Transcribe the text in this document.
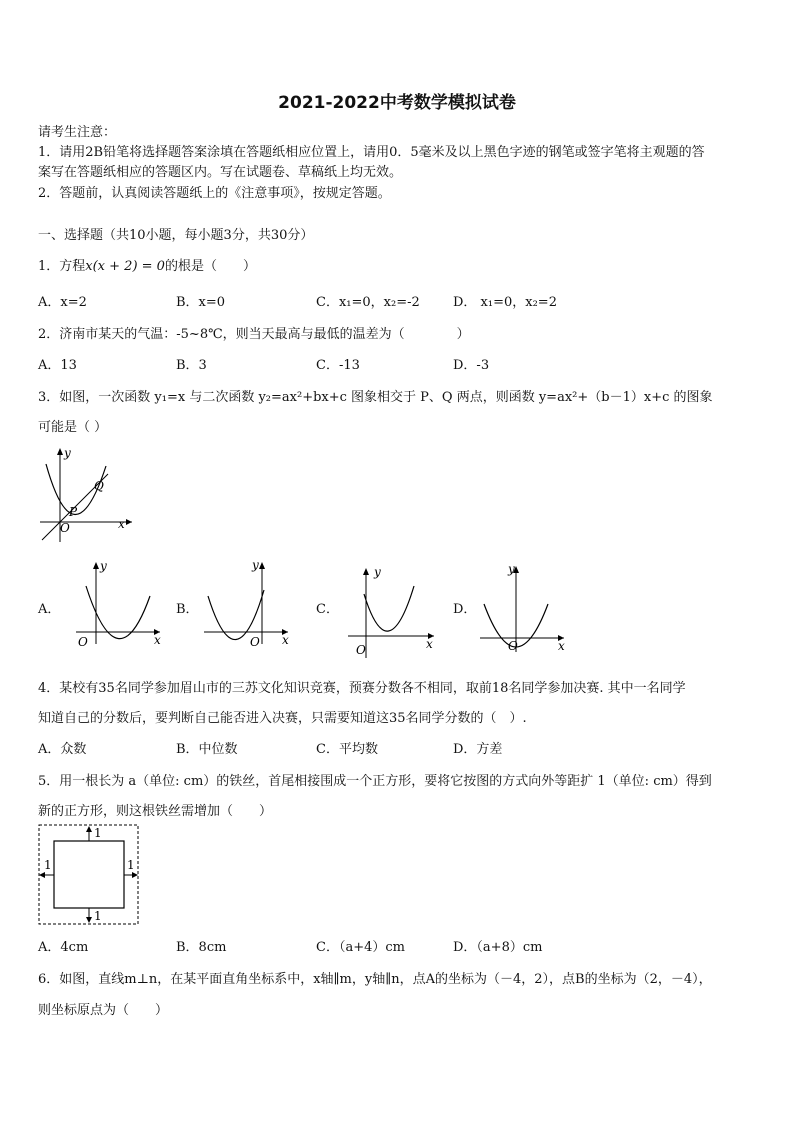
2021-2022中考数学模拟试卷
请考生注意：
1．请用2B铅笔将选择题答案涂填在答题纸相应位置上，请用0．5毫米及以上黑色字迹的钢笔或签字笔将主观题的答
案写在答题纸相应的答题区内。写在试题卷、草稿纸上均无效。
2．答题前，认真阅读答题纸上的《注意事项》，按规定答题。
一、选择题（共10小题，每小题3分，共30分）
1．方程x(x + 2) = 0的根是（　　）
A．x=2	B．x=0	C．x₁=0，x₂=-2	D． x₁=0，x₂=2
2．济南市某天的气温：-5~8℃，则当天最高与最低的温差为（　　　　）
A．13	B．3	C．-13	D．-3
3．如图，一次函数 y₁=x 与二次函数 y₂=ax²+bx+c 图象相交于 P、Q 两点，则函数 y=ax²+（b－1）x+c 的图象
可能是（ ）
y
x
O
P
Q
A．
y
x
O
B．
y
x
O
C．
y
x
O
D．
y
x
O
4．某校有35名同学参加眉山市的三苏文化知识竞赛，预赛分数各不相同，取前18名同学参加决赛. 其中一名同学
知道自己的分数后，要判断自己能否进入决赛，只需要知道这35名同学分数的（　）.
A．众数	B．中位数	C．平均数	D．方差
5．用一根长为 a（单位: cm）的铁丝，首尾相接围成一个正方形，要将它按图的方式向外等距扩 1（单位: cm）得到
新的正方形，则这根铁丝需增加（　　）
1
1
1	1
A．4cm	B．8cm	C．（a+4）cm	D．（a+8）cm
6．如图，直线m⊥n，在某平面直角坐标系中，x轴∥m，y轴∥n，点A的坐标为（－4，2），点B的坐标为（2，－4），
则坐标原点为（　　）
